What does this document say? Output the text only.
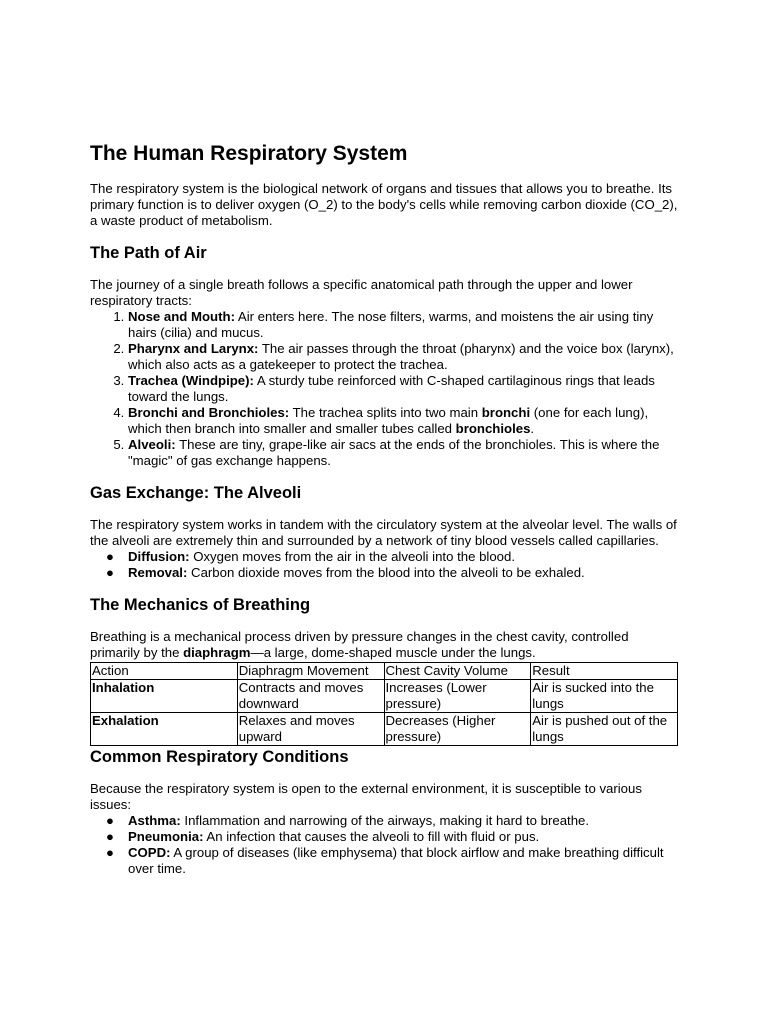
The Human Respiratory System

The respiratory system is the biological network of organs and tissues that allows you to breathe. Its primary function is to deliver oxygen (O_2) to the body's cells while removing carbon dioxide (CO_2), a waste product of metabolism.

The Path of Air

The journey of a single breath follows a specific anatomical path through the upper and lower respiratory tracts:

1. Nose and Mouth: Air enters here. The nose filters, warms, and moistens the air using tiny hairs (cilia) and mucus.
2. Pharynx and Larynx: The air passes through the throat (pharynx) and the voice box (larynx), which also acts as a gatekeeper to protect the trachea.
3. Trachea (Windpipe): A sturdy tube reinforced with C-shaped cartilaginous rings that leads toward the lungs.
4. Bronchi and Bronchioles: The trachea splits into two main bronchi (one for each lung), which then branch into smaller and smaller tubes called bronchioles.
5. Alveoli: These are tiny, grape-like air sacs at the ends of the bronchioles. This is where the "magic" of gas exchange happens.
Gas Exchange: The Alveoli

The respiratory system works in tandem with the circulatory system at the alveolar level. The walls of the alveoli are extremely thin and surrounded by a network of tiny blood vessels called capillaries.

● Diffusion: Oxygen moves from the air in the alveoli into the blood.
● Removal: Carbon dioxide moves from the blood into the alveoli to be exhaled.
The Mechanics of Breathing

Breathing is a mechanical process driven by pressure changes in the chest cavity, controlled primarily by the diaphragm—a large, dome-shaped muscle under the lungs.

Action	Diaphragm Movement	Chest Cavity Volume	Result
Inhalation	Contracts and moves downward	Increases (Lower pressure)	Air is sucked into the lungs
Exhalation	Relaxes and moves upward	Decreases (Higher pressure)	Air is pushed out of the lungs
Common Respiratory Conditions

Because the respiratory system is open to the external environment, it is susceptible to various issues:

● Asthma: Inflammation and narrowing of the airways, making it hard to breathe.
● Pneumonia: An infection that causes the alveoli to fill with fluid or pus.
● COPD: A group of diseases (like emphysema) that block airflow and make breathing difficult over time.
